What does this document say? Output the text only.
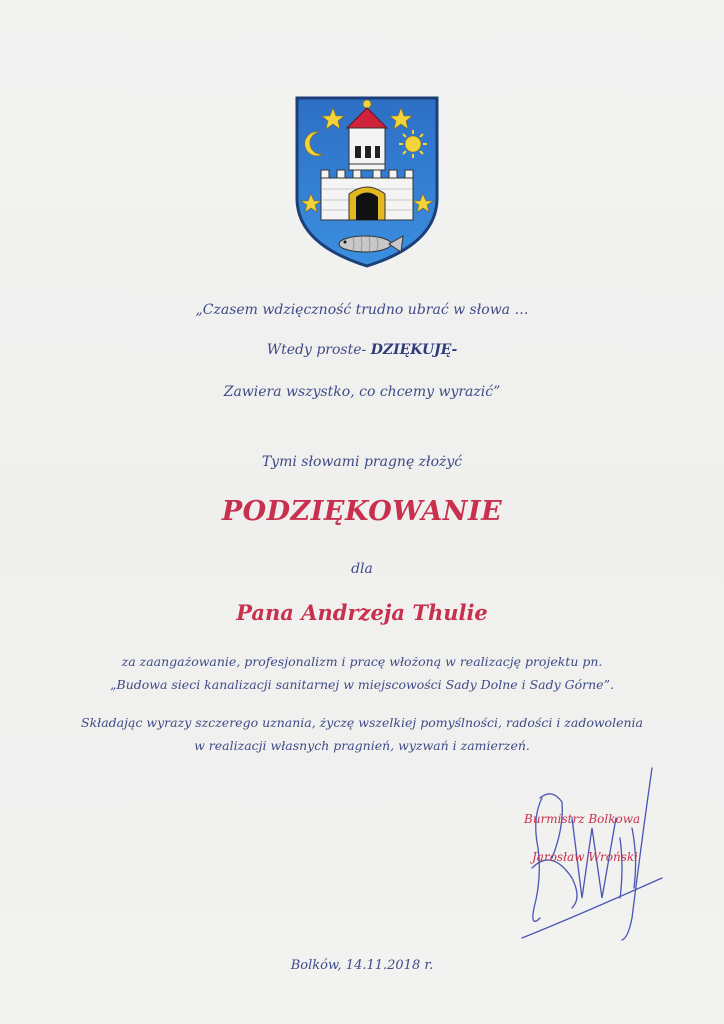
„Czasem wdzięczność trudno ubrać w słowa …
Wtedy proste- DZIĘKUJĘ-
Zawiera wszystko, co chcemy wyrazić”
Tymi słowami pragnę złożyć
PODZIĘKOWANIE
dla
Pana Andrzeja Thulie
za zaangażowanie, profesjonalizm i pracę włożoną w realizację projektu pn.
„Budowa sieci kanalizacji sanitarnej w miejscowości Sady Dolne i Sady Górne”.
Składając wyrazy szczerego uznania, życzę wszelkiej pomyślności, radości i zadowolenia
w realizacji własnych pragnień, wyzwań i zamierzeń.
Burmistrz Bolkowa
Jarosław Wroński
Bolków, 14.11.2018 r.
